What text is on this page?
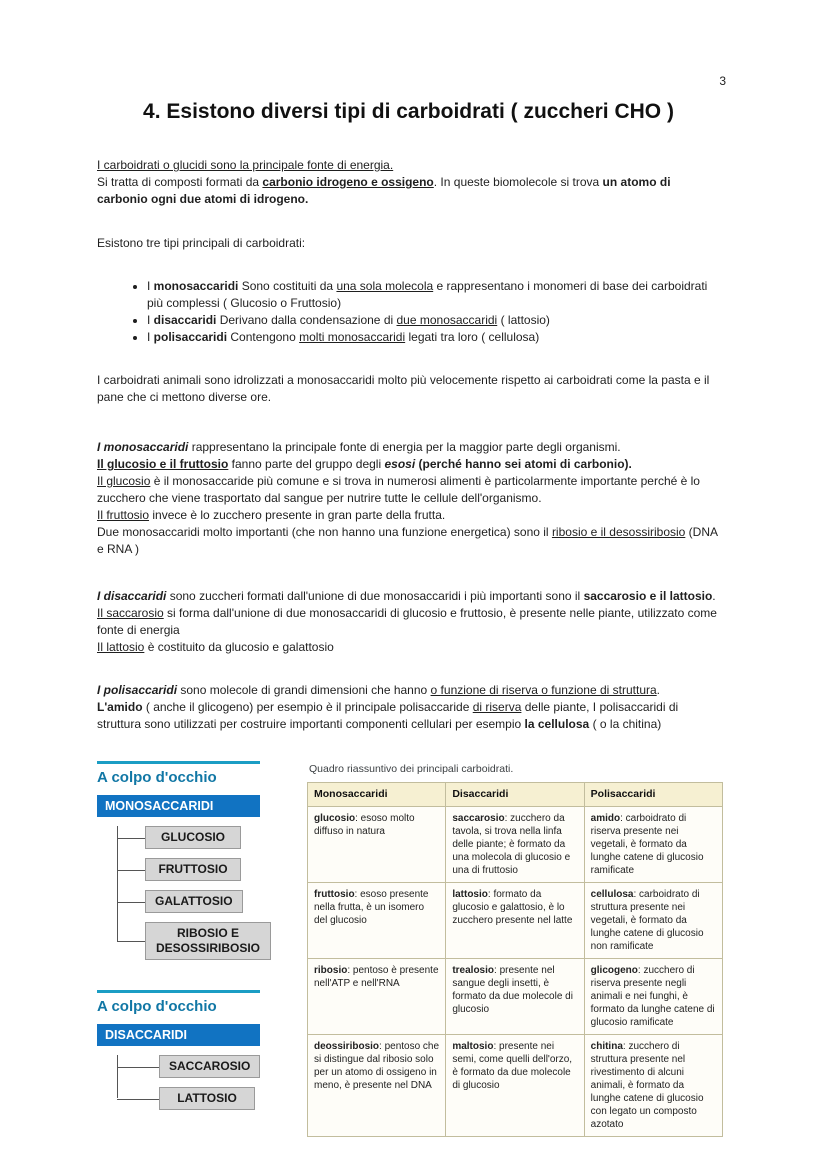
3
4. Esistono diversi tipi di carboidrati ( zuccheri CHO )

I carboidrati o glucidi sono la principale fonte di energia.

Si tratta di composti formati da carbonio idrogeno e ossigeno. In queste biomolecole si trova un atomo di carbonio ogni due atomi di idrogeno.

Esistono tre tipi principali di carboidrati:

• I monosaccaridi Sono costituiti da una sola molecola e rappresentano i monomeri di base dei carboidrati più complessi ( Glucosio o Fruttosio)
• I disaccaridi Derivano dalla condensazione di due monosaccaridi ( lattosio)
• I polisaccaridi Contengono molti monosaccaridi legati tra loro ( cellulosa)

I carboidrati animali sono idrolizzati a monosaccaridi molto più velocemente rispetto ai carboidrati come la pasta e il pane che ci mettono diverse ore.

I monosaccaridi rappresentano la principale fonte di energia per la maggior parte degli organismi.

Il glucosio e il fruttosio fanno parte del gruppo degli esosi (perché hanno sei atomi di carbonio).

Il glucosio è il monosaccaride più comune e si trova in numerosi alimenti è particolarmente importante perché è lo zucchero che viene trasportato dal sangue per nutrire tutte le cellule dell'organismo.

Il fruttosio invece è lo zucchero presente in gran parte della frutta.

Due monosaccaridi molto importanti (che non hanno una funzione energetica) sono il ribosio e il desossiribosio (DNA e RNA )

I disaccaridi sono zuccheri formati dall'unione di due monosaccaridi i più importanti sono il saccarosio e il lattosio.

Il saccarosio si forma dall'unione di due monosaccaridi di glucosio e fruttosio, è presente nelle piante, utilizzato come fonte di energia

Il lattosio è costituito da glucosio e galattosio

I polisaccaridi sono molecole di grandi dimensioni che hanno o funzione di riserva o funzione di struttura.

L'amido ( anche il glicogeno) per esempio è il principale polisaccaride di riserva delle piante, I polisaccaridi di struttura sono utilizzati per costruire importanti componenti cellulari per esempio la cellulosa ( o la chitina)

A colpo d'occhio
MONOSACCARIDI
GLUCOSIO
FRUTTOSIO
GALATTOSIO
RIBOSIO E DESOSSIRIBOSIO
A colpo d'occhio
DISACCARIDI
SACCAROSIO
LATTOSIO
Quadro riassuntivo dei principali carboidrati.
Monosaccaridi	Disaccaridi	Polisaccaridi
glucosio: esoso molto diffuso in natura	saccarosio: zucchero da tavola, si trova nella linfa delle piante; è formato da una molecola di glucosio e una di fruttosio	amido: carboidrato di riserva presente nei vegetali, è formato da lunghe catene di glucosio ramificate
fruttosio: esoso presente nella frutta, è un isomero del glucosio	lattosio: formato da glucosio e galattosio, è lo zucchero presente nel latte	cellulosa: carboidrato di struttura presente nei vegetali, è formato da lunghe catene di glucosio non ramificate
ribosio: pentoso è presente nell'ATP e nell'RNA	trealosio: presente nel sangue degli insetti, è formato da due molecole di glucosio	glicogeno: zucchero di riserva presente negli animali e nei funghi, è formato da lunghe catene di glucosio ramificate
deossiribosio: pentoso che si distingue dal ribosio solo per un atomo di ossigeno in meno, è presente nel DNA	maltosio: presente nei semi, come quelli dell'orzo, è formato da due molecole di glucosio	chitina: zucchero di struttura presente nel rivestimento di alcuni animali, è formato da lunghe catene di glucosio con legato un composto azotato
